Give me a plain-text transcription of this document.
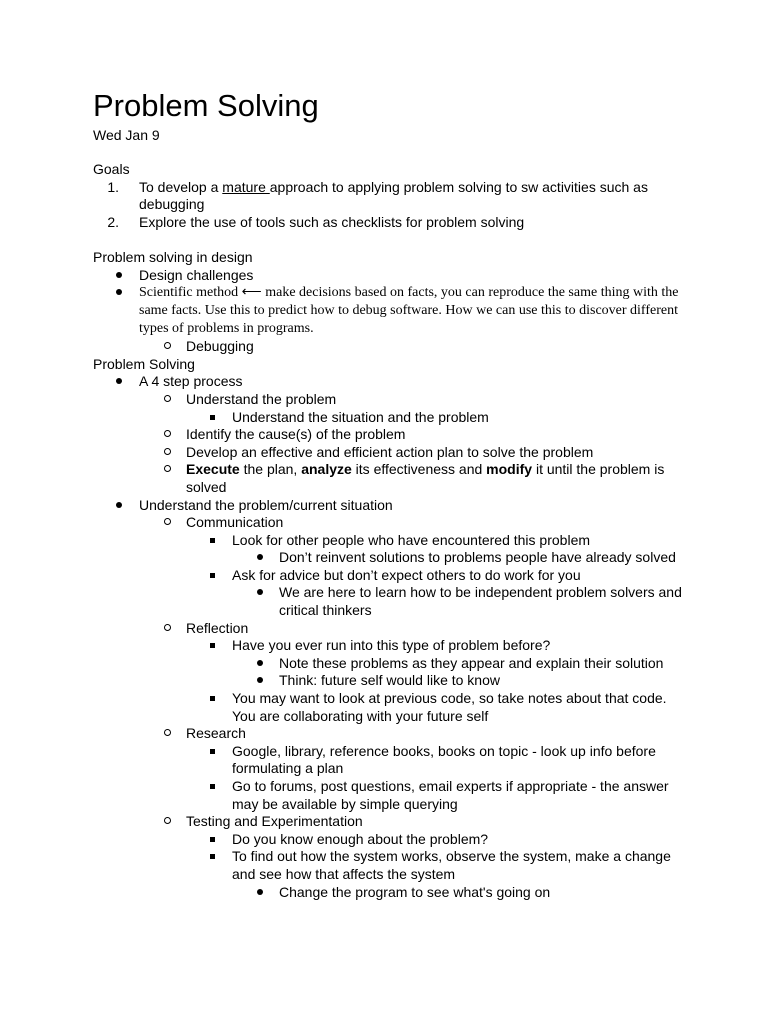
Problem Solving
Wed Jan 9
Goals
1. To develop a mature approach to applying problem solving to sw activities such as debugging
2. Explore the use of tools such as checklists for problem solving
Problem solving in design
Design challenges
Scientific method ⟵ make decisions based on facts, you can reproduce the same thing with the same facts. Use this to predict how to debug software. How we can use this to discover different types of problems in programs.
Debugging
Problem Solving
A 4 step process
Understand the problem
Understand the situation and the problem
Identify the cause(s) of the problem
Develop an effective and efficient action plan to solve the problem
Execute the plan, analyze its effectiveness and modify it until the problem is solved
Understand the problem/current situation
Communication
Look for other people who have encountered this problem
Don’t reinvent solutions to problems people have already solved
Ask for advice but don’t expect others to do work for you
We are here to learn how to be independent problem solvers and critical thinkers
Reflection
Have you ever run into this type of problem before?
Note these problems as they appear and explain their solution
Think: future self would like to know
You may want to look at previous code, so take notes about that code. You are collaborating with your future self
Research
Google, library, reference books, books on topic - look up info before formulating a plan
Go to forums, post questions, email experts if appropriate - the answer may be available by simple querying
Testing and Experimentation
Do you know enough about the problem?
To find out how the system works, observe the system, make a change and see how that affects the system
Change the program to see what's going on
